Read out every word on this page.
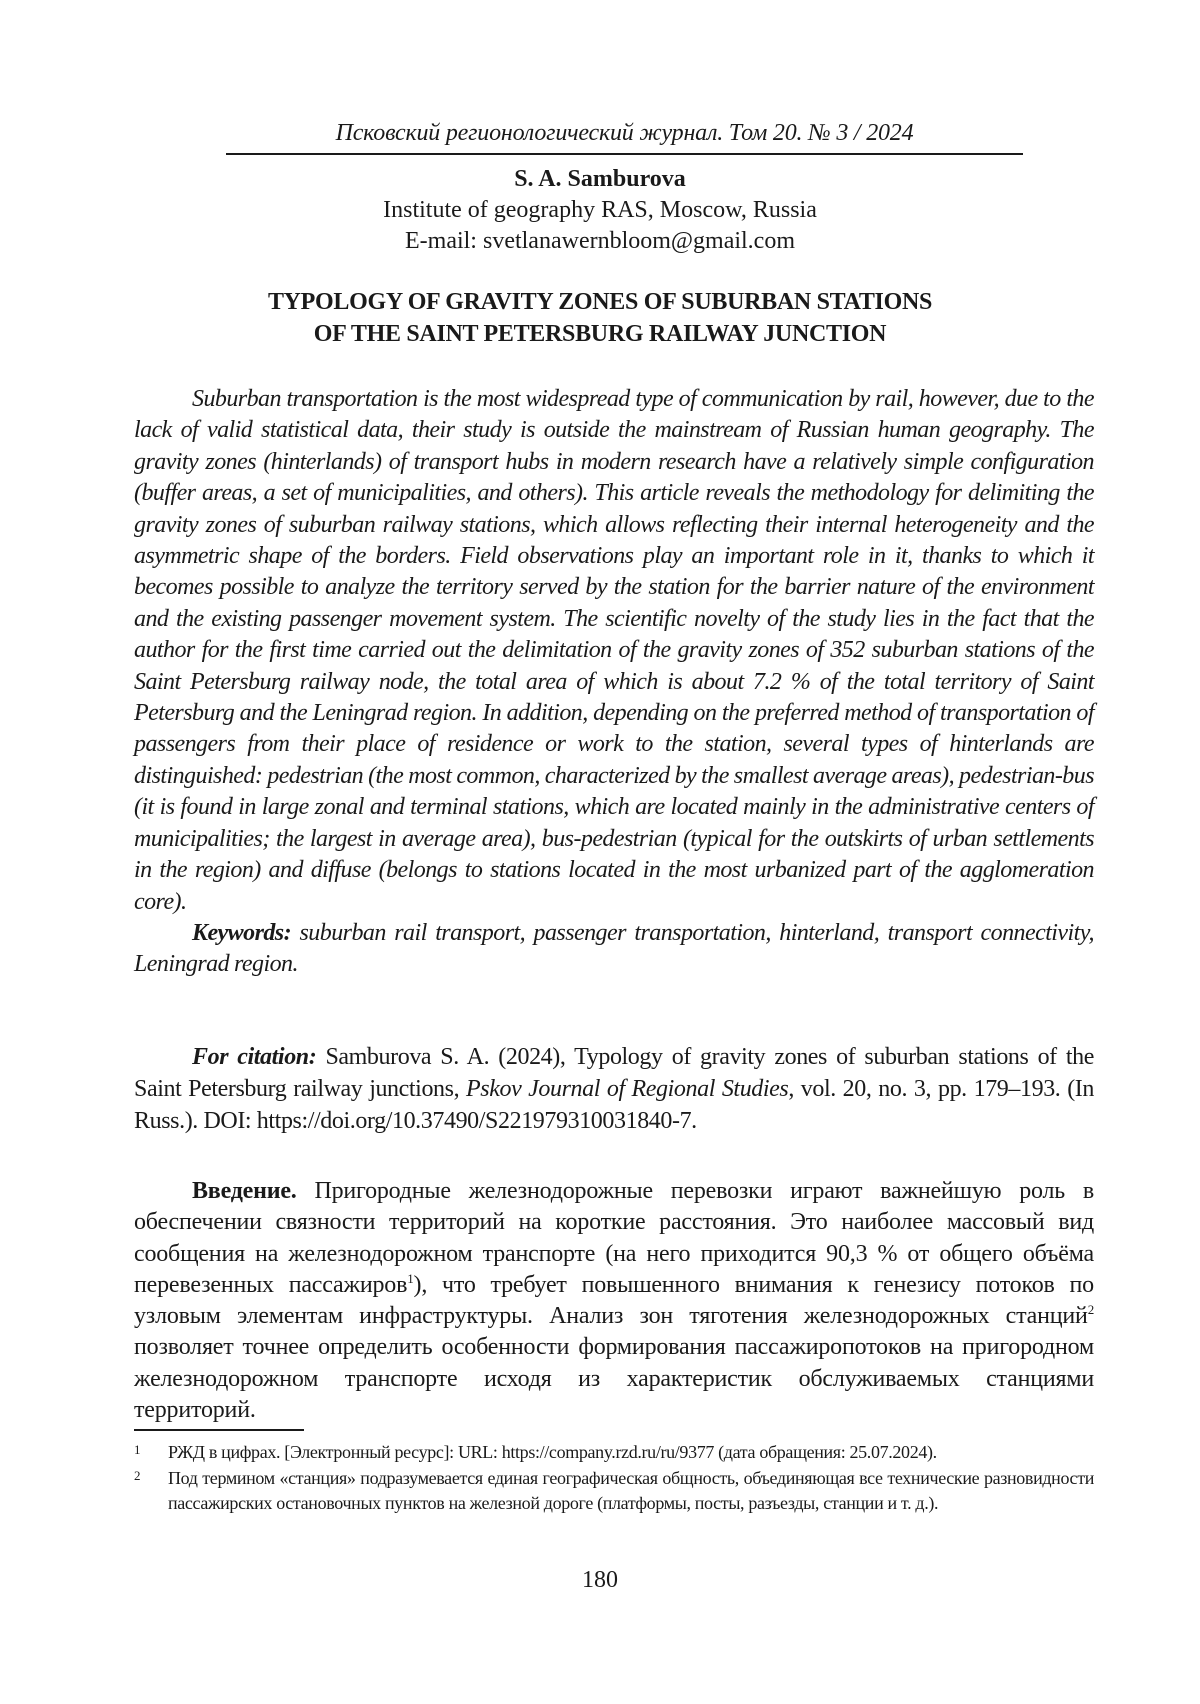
Псковский регионологический журнал. Том 20. № 3 / 2024
S. A. Samburova
Institute of geography RAS, Moscow, Russia
E-mail: svetlanawernbloom@gmail.com
TYPOLOGY OF GRAVITY ZONES OF SUBURBAN STATIONS
OF THE SAINT PETERSBURG RAILWAY JUNCTION

Suburban transportation is the most widespread type of communication by rail, however, due to the lack of valid statistical data, their study is outside the mainstream of Russian human geography. The gravity zones (hinterlands) of transport hubs in modern research have a relatively simple configuration (buffer areas, a set of municipalities, and others). This article reveals the methodology for delimiting the gravity zones of suburban railway stations, which allows reflecting their internal heterogeneity and the asymmetric shape of the borders. Field observations play an important role in it, thanks to which it becomes possible to analyze the territory served by the station for the barrier nature of the environment and the existing passenger movement system. The scientific novelty of the study lies in the fact that the author for the first time carried out the delimitation of the gravity zones of 352 suburban stations of the Saint Petersburg railway node, the total area of which is about 7.2 % of the total territory of Saint Petersburg and the Leningrad region. In addition, depending on the preferred method of transportation of passengers from their place of residence or work to the station, several types of hinterlands are distinguished: pedestrian (the most common, characterized by the smallest average areas), pedestrian-bus (it is found in large zonal and terminal stations, which are located mainly in the administrative centers of municipalities; the largest in average area), bus-pedestrian (typical for the outskirts of urban settlements in the region) and diffuse (belongs to stations located in the most urbanized part of the agglomeration core).

Keywords: suburban rail transport, passenger transportation, hinterland, transport connectivity, Leningrad region.

For citation: Samburova S. A. (2024), Typology of gravity zones of suburban stations of the Saint Petersburg railway junctions, Pskov Journal of Regional Studies, vol. 20, no. 3, pp. 179–193. (In Russ.). DOI: https://doi.org/10.37490/S221979310031840-7.

Введение. Пригородные железнодорожные перевозки играют важнейшую роль в обеспечении связности территорий на короткие расстояния. Это наиболее массовый вид сообщения на железнодорожном транспорте (на него приходится 90,3 % от общего объёма перевезенных пассажиров$^1$), что требует повышенного внимания к генезису потоков по узловым элементам инфраструктуры. Анализ зон тяготения железнодорожных станций$^2$ позволяет точнее определить особенности формирования пассажиропотоков на пригородном железнодорожном транспорте исходя из характеристик обслуживаемых станциями территорий.

1 РЖД в цифрах. [Электронный ресурс]: URL: https://company.rzd.ru/ru/9377 (дата обращения: 25.07.2024).
2 Под термином «станция» подразумевается единая географическая общность, объединяющая все технические разновидности пассажирских остановочных пунктов на железной дороге (платформы, посты, разъезды, станции и т. д.).
180
